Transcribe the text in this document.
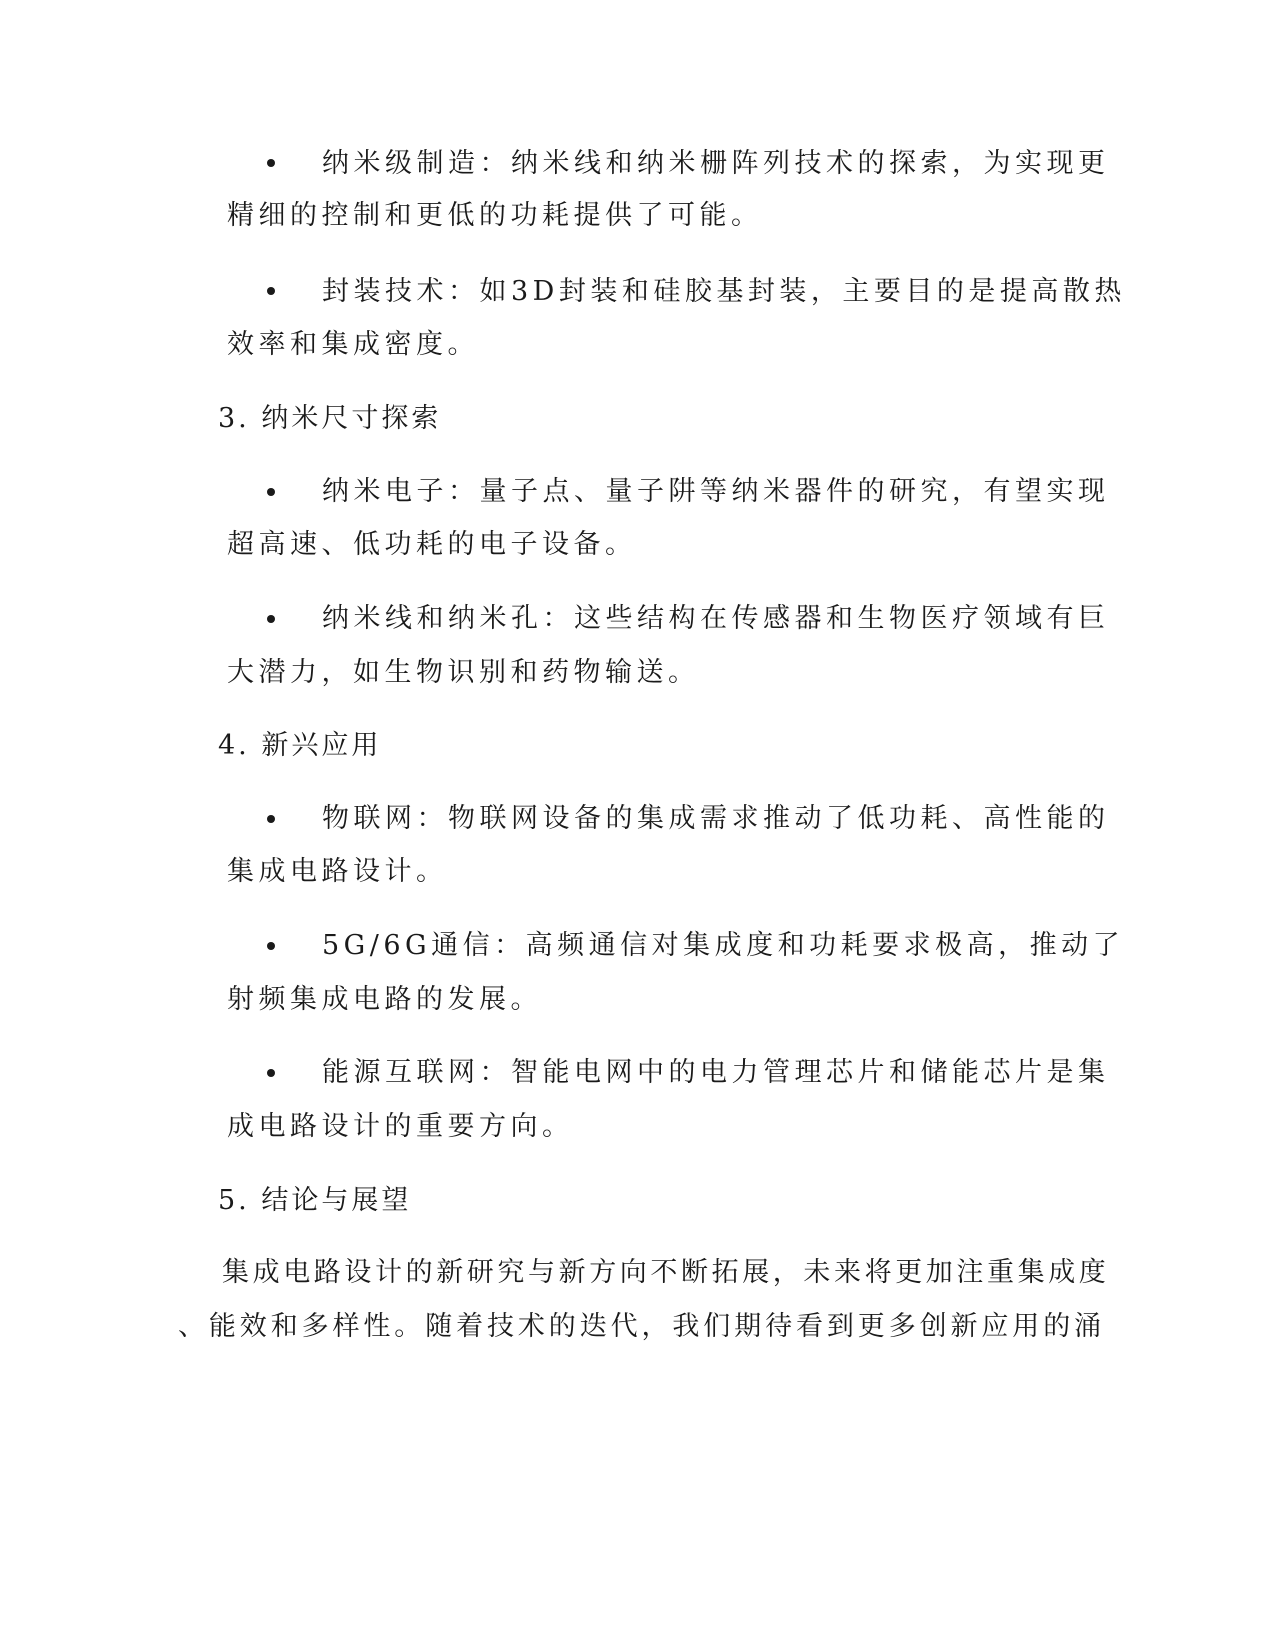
纳米级制造：纳米线和纳米栅阵列技术的探索，为实现更
精细的控制和更低的功耗提供了可能。
封装技术：如3D封装和硅胶基封装，主要目的是提高散热
效率和集成密度。
3. 纳米尺寸探索
纳米电子：量子点、量子阱等纳米器件的研究，有望实现
超高速、低功耗的电子设备。
纳米线和纳米孔：这些结构在传感器和生物医疗领域有巨
大潜力，如生物识别和药物输送。
4. 新兴应用
物联网：物联网设备的集成需求推动了低功耗、高性能的
集成电路设计。
5G/6G通信：高频通信对集成度和功耗要求极高，推动了
射频集成电路的发展。
能源互联网：智能电网中的电力管理芯片和储能芯片是集
成电路设计的重要方向。
5. 结论与展望
集成电路设计的新研究与新方向不断拓展，未来将更加注重集成度
、能效和多样性。随着技术的迭代，我们期待看到更多创新应用的涌
